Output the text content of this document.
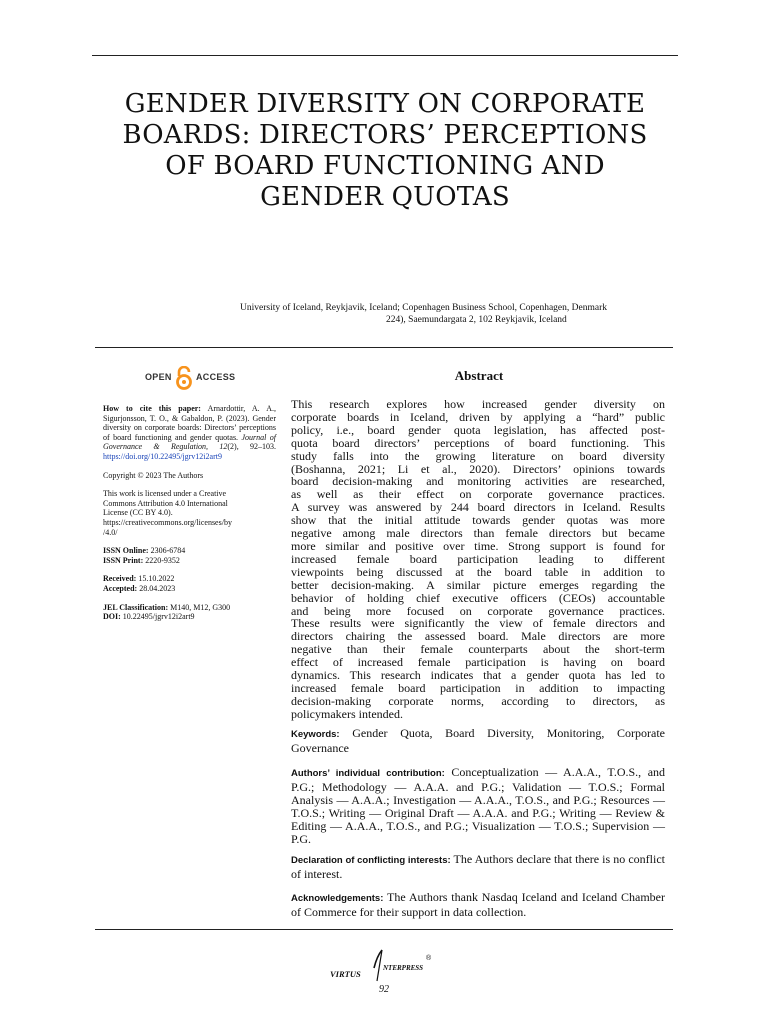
GENDER DIVERSITY ON CORPORATE
BOARDS: DIRECTORS’ PERCEPTIONS
OF BOARD FUNCTIONING AND
GENDER QUOTAS
University of Iceland, Reykjavik, Iceland; Copenhagen Business School, Copenhagen, Denmark
224), Saemundargata 2, 102 Reykjavik, Iceland
OPEN	ACCESS

How to cite this paper: Arnardottir, A. A., Sigurjonsson, T. O., & Gabaldon, P. (2023). Gender diversity on corporate boards: Directors’ perceptions of board functioning and gender quotas. Journal of Governance & Regulation, 12(2), 92–103. https://doi.org/10.22495/jgrv12i2art9

Copyright © 2023 The Authors

This work is licensed under a Creative
Commons Attribution 4.0 International
License (CC BY 4.0).
https://creativecommons.org/licenses/by
/4.0/

ISSN Online: 2306-6784
ISSN Print: 2220-9352

Received: 15.10.2022
Accepted: 28.04.2023

JEL Classification: M140, M12, G300
DOI: 10.22495/jgrv12i2art9

Abstract
This research explores how increased gender diversity on
corporate boards in Iceland, driven by applying a “hard” public
policy, i.e., board gender quota legislation, has affected post-
quota board directors’ perceptions of board functioning. This
study falls into the growing literature on board diversity
(Boshanna, 2021; Li et al., 2020). Directors’ opinions towards
board decision-making and monitoring activities are researched,
as well as their effect on corporate governance practices.
A survey was answered by 244 board directors in Iceland. Results
show that the initial attitude towards gender quotas was more
negative among male directors than female directors but became
more similar and positive over time. Strong support is found for
increased female board participation leading to different
viewpoints being discussed at the board table in addition to
better decision-making. A similar picture emerges regarding the
behavior of holding chief executive officers (CEOs) accountable
and being more focused on corporate governance practices.
These results were significantly the view of female directors and
directors chairing the assessed board. Male directors are more
negative than their female counterparts about the short-term
effect of increased female participation is having on board
dynamics. This research indicates that a gender quota has led to
increased female board participation in addition to impacting
decision-making corporate norms, according to directors, as
policymakers intended.
Keywords: Gender Quota, Board Diversity, Monitoring, Corporate Governance
Authors’ individual contribution: Conceptualization — A.A.A., T.O.S., and P.G.; Methodology — A.A.A. and P.G.; Validation — T.O.S.; Formal Analysis — A.A.A.; Investigation — A.A.A., T.O.S., and P.G.; Resources — T.O.S.; Writing — Original Draft — A.A.A. and P.G.; Writing — Review & Editing — A.A.A., T.O.S., and P.G.; Visualization — T.O.S.; Supervision — P.G.
Declaration of conflicting interests: The Authors declare that there is no conflict of interest.
Acknowledgements: The Authors thank Nasdaq Iceland and Iceland Chamber of Commerce for their support in data collection.
VIRTUS
NTERPRESS
®
92
